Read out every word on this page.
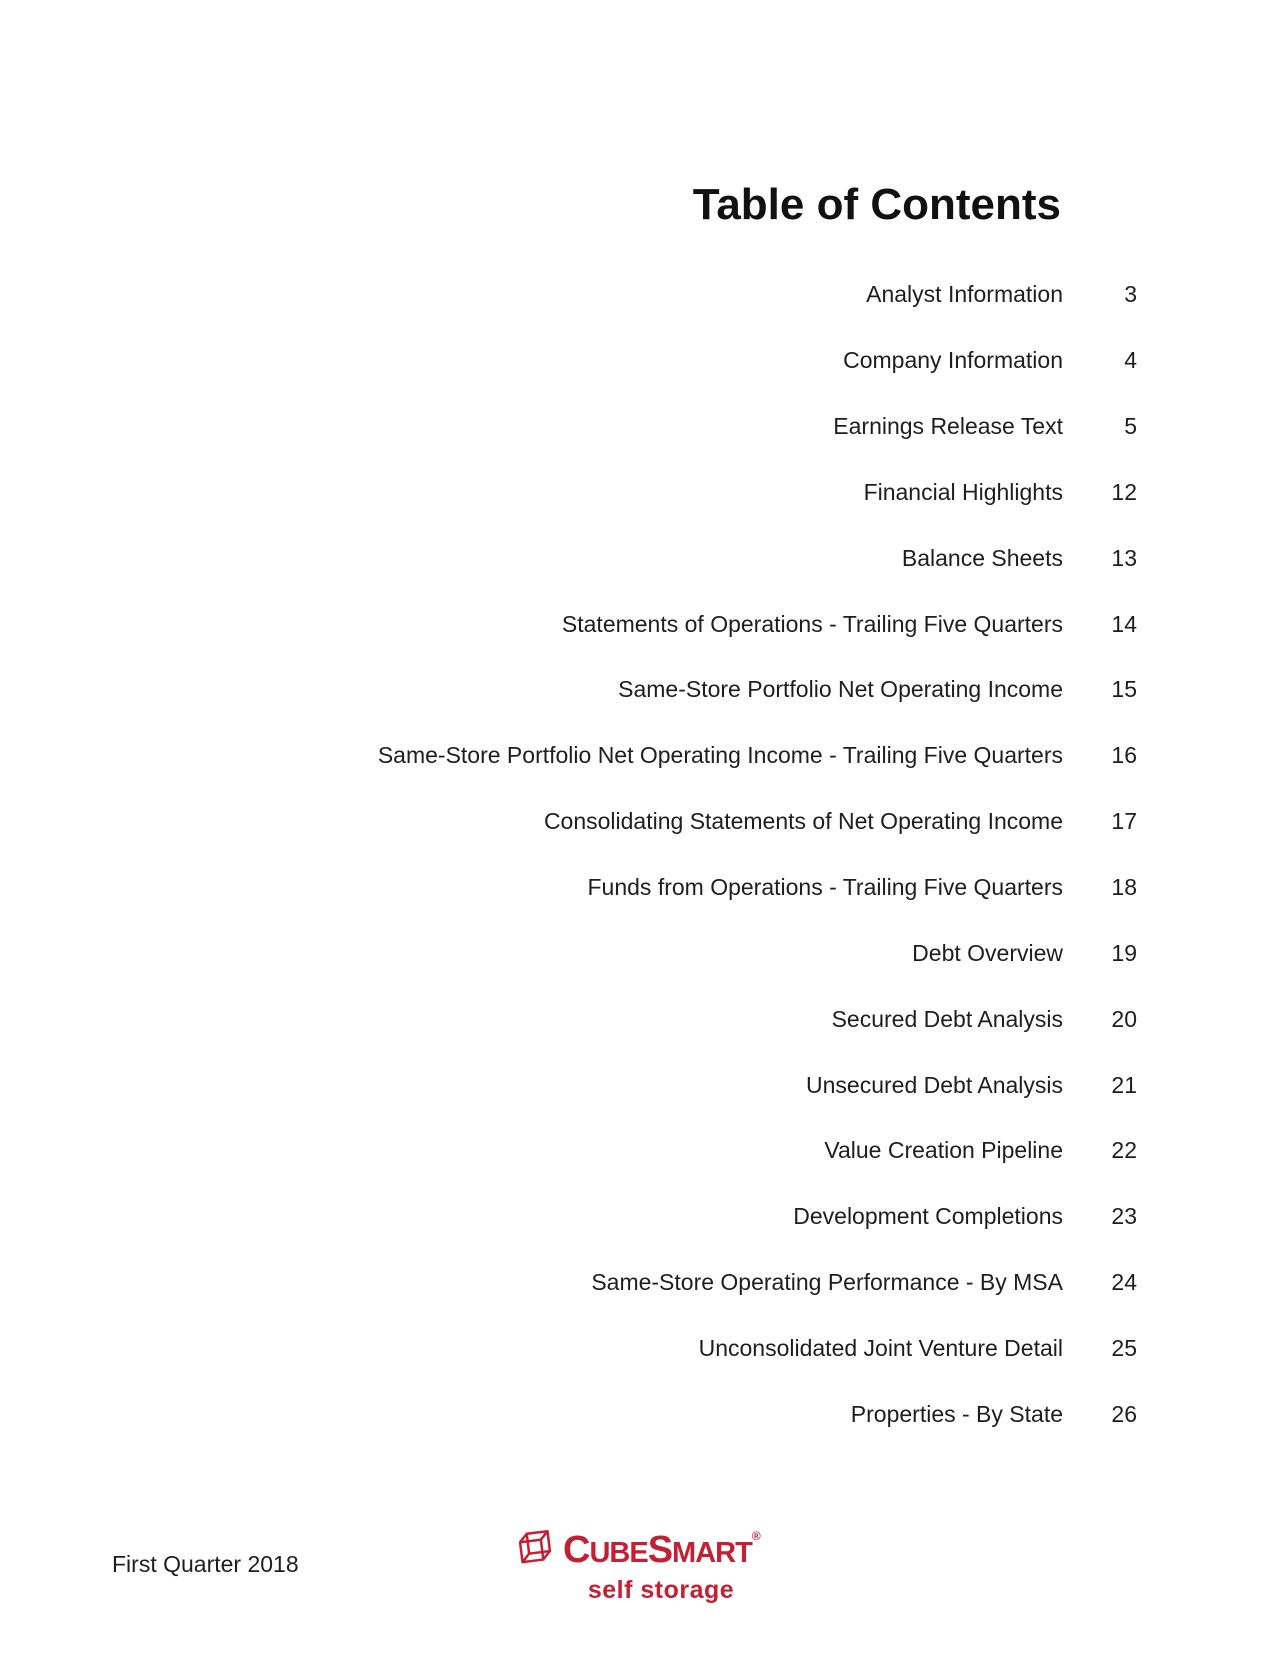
Table of Contents
Analyst Information	3
Company Information	4
Earnings Release Text	5
Financial Highlights	12
Balance Sheets	13
Statements of Operations - Trailing Five Quarters	14
Same-Store Portfolio Net Operating Income	15
Same-Store Portfolio Net Operating Income - Trailing Five Quarters	16
Consolidating Statements of Net Operating Income	17
Funds from Operations - Trailing Five Quarters	18
Debt Overview	19
Secured Debt Analysis	20
Unsecured Debt Analysis	21
Value Creation Pipeline	22
Development Completions	23
Same-Store Operating Performance - By MSA	24
Unconsolidated Joint Venture Detail	25
Properties - By State	26
First Quarter 2018	CUBESMART®
self storage
